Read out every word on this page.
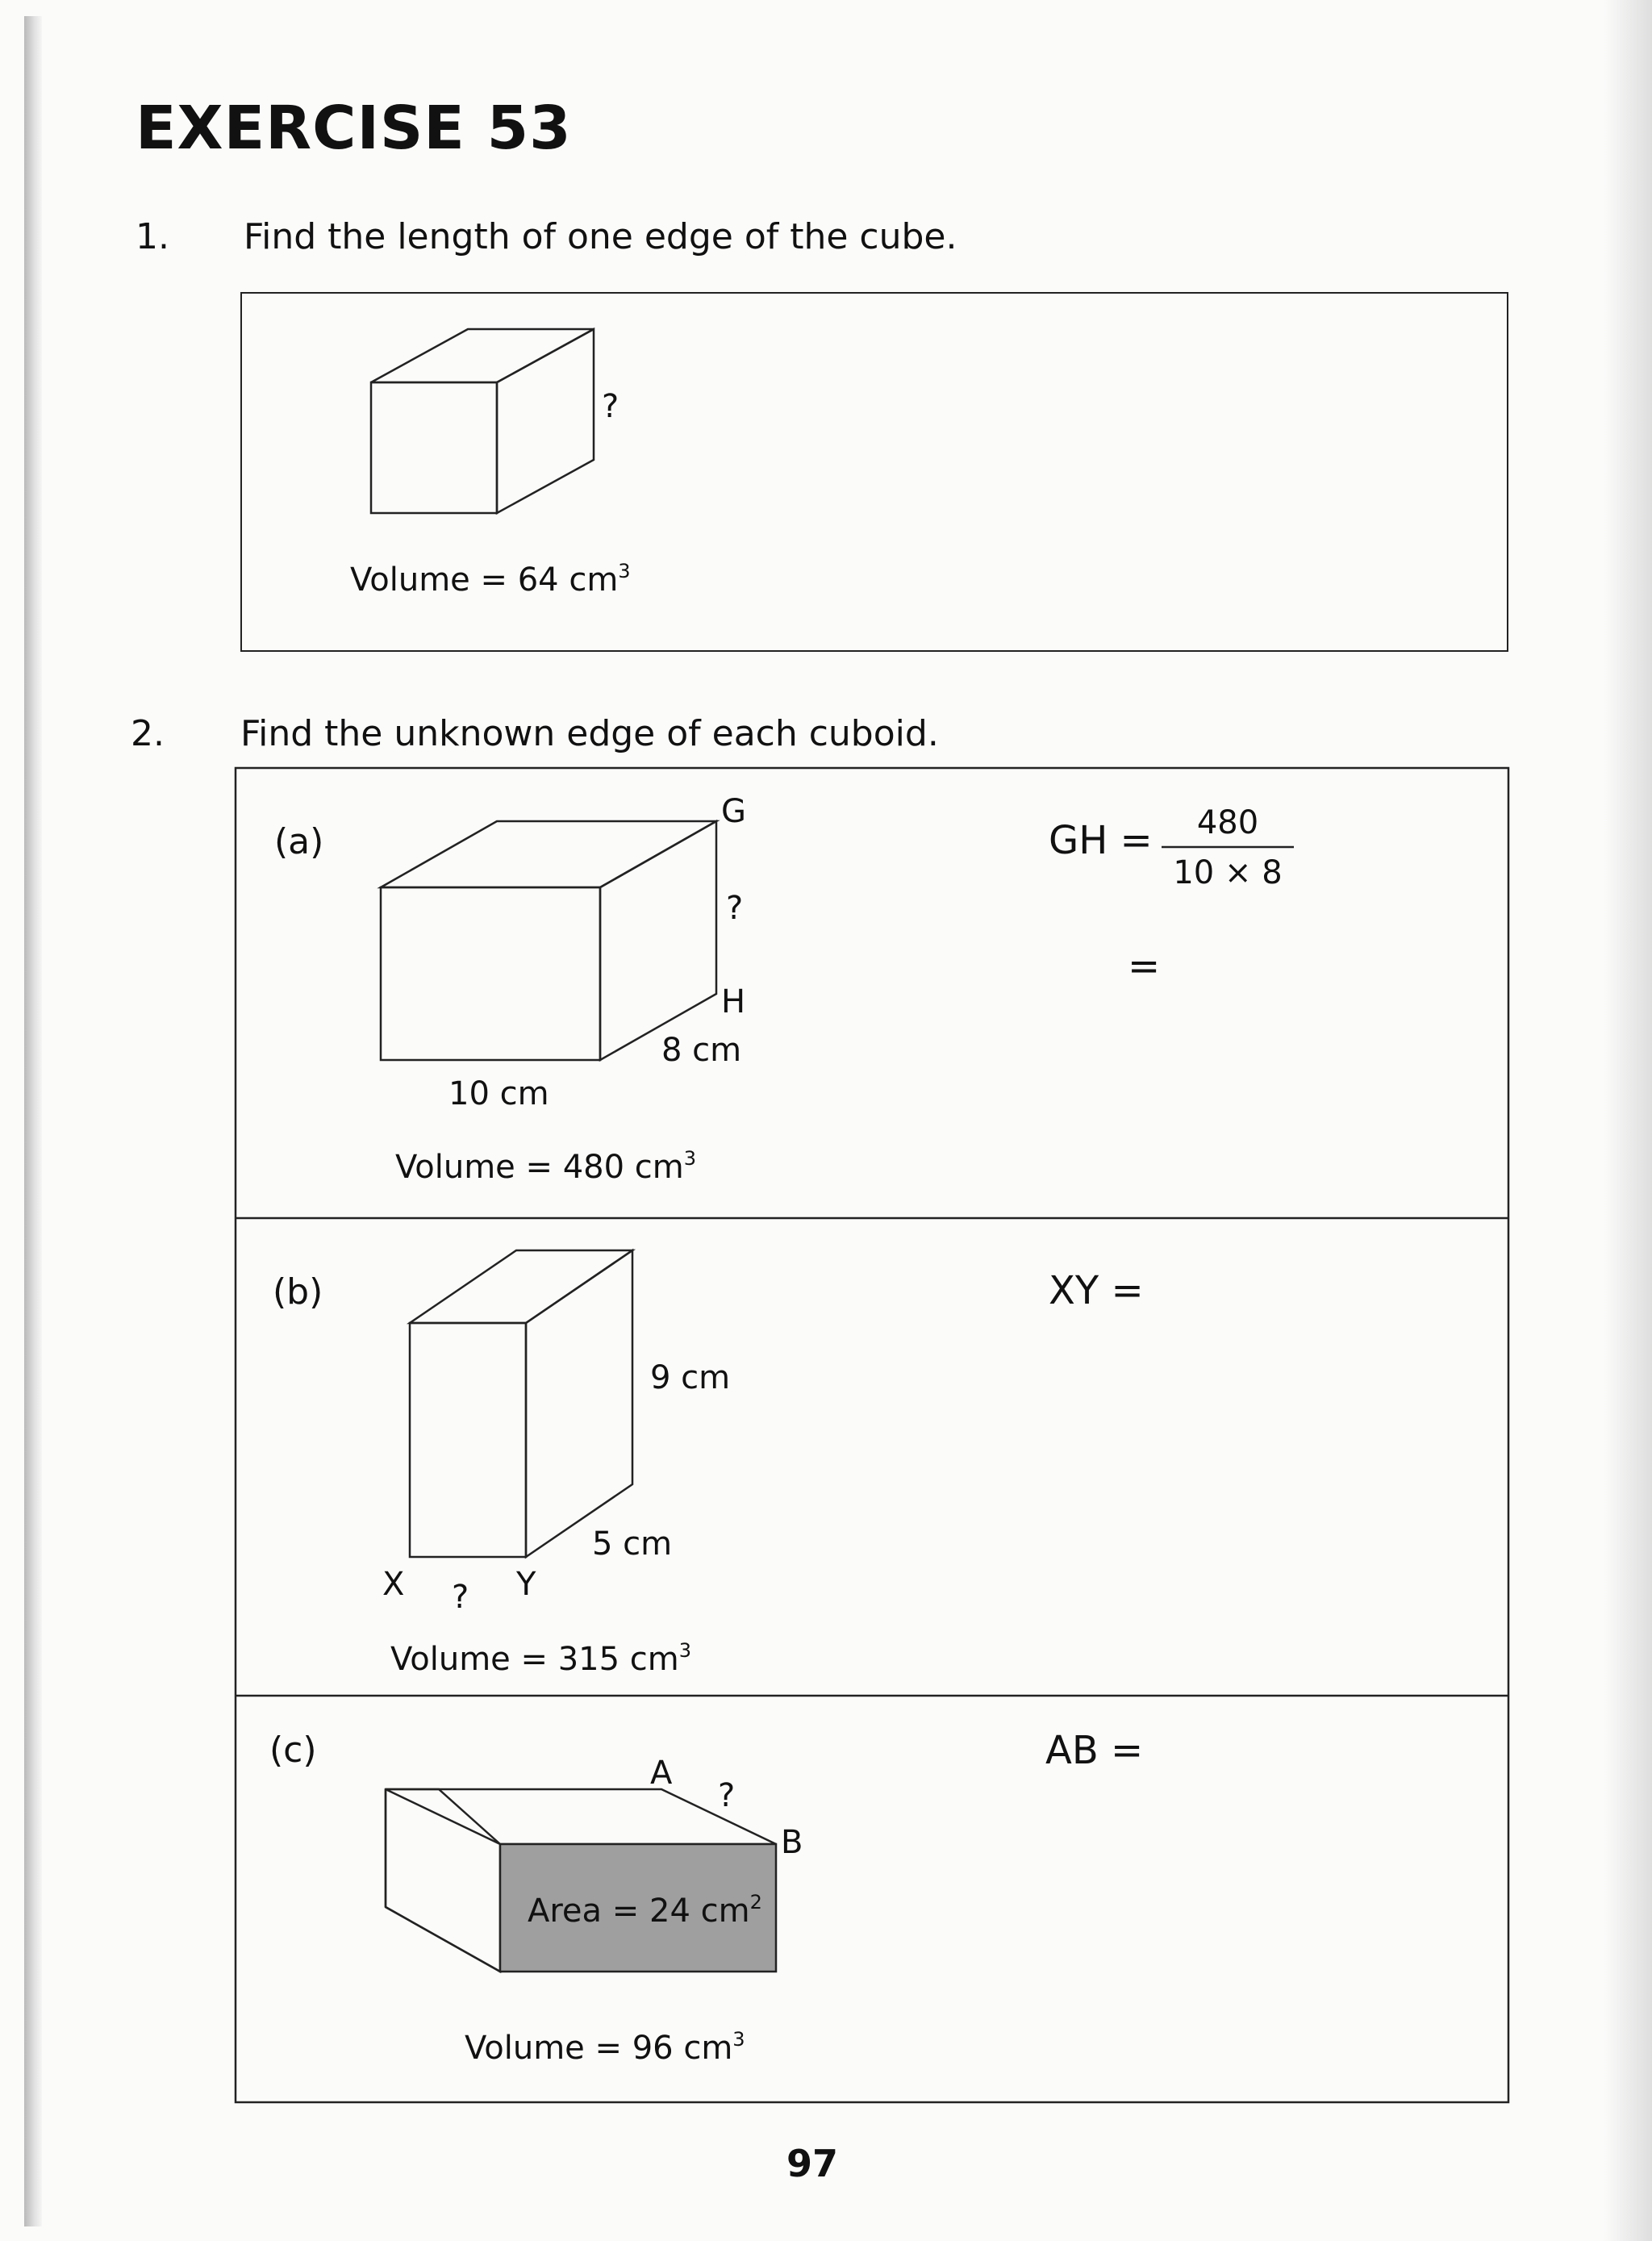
EXERCISE 53
1. Find the length of one edge of the cube.
?
Volume = 64 $cm^3$
2. Find the unknown edge of each cuboid.
(a)
G
?
H
8 cm
10 cm
Volume = 480 $cm^3$
GH =	480
10 × 8
=
(b)
9 cm
5 cm
X ? Y
Volume = 315 $cm^3$
XY =
(c)
A
?
B
Area = 24 $cm^2$
Volume = 96 $cm^3$
AB =
97
